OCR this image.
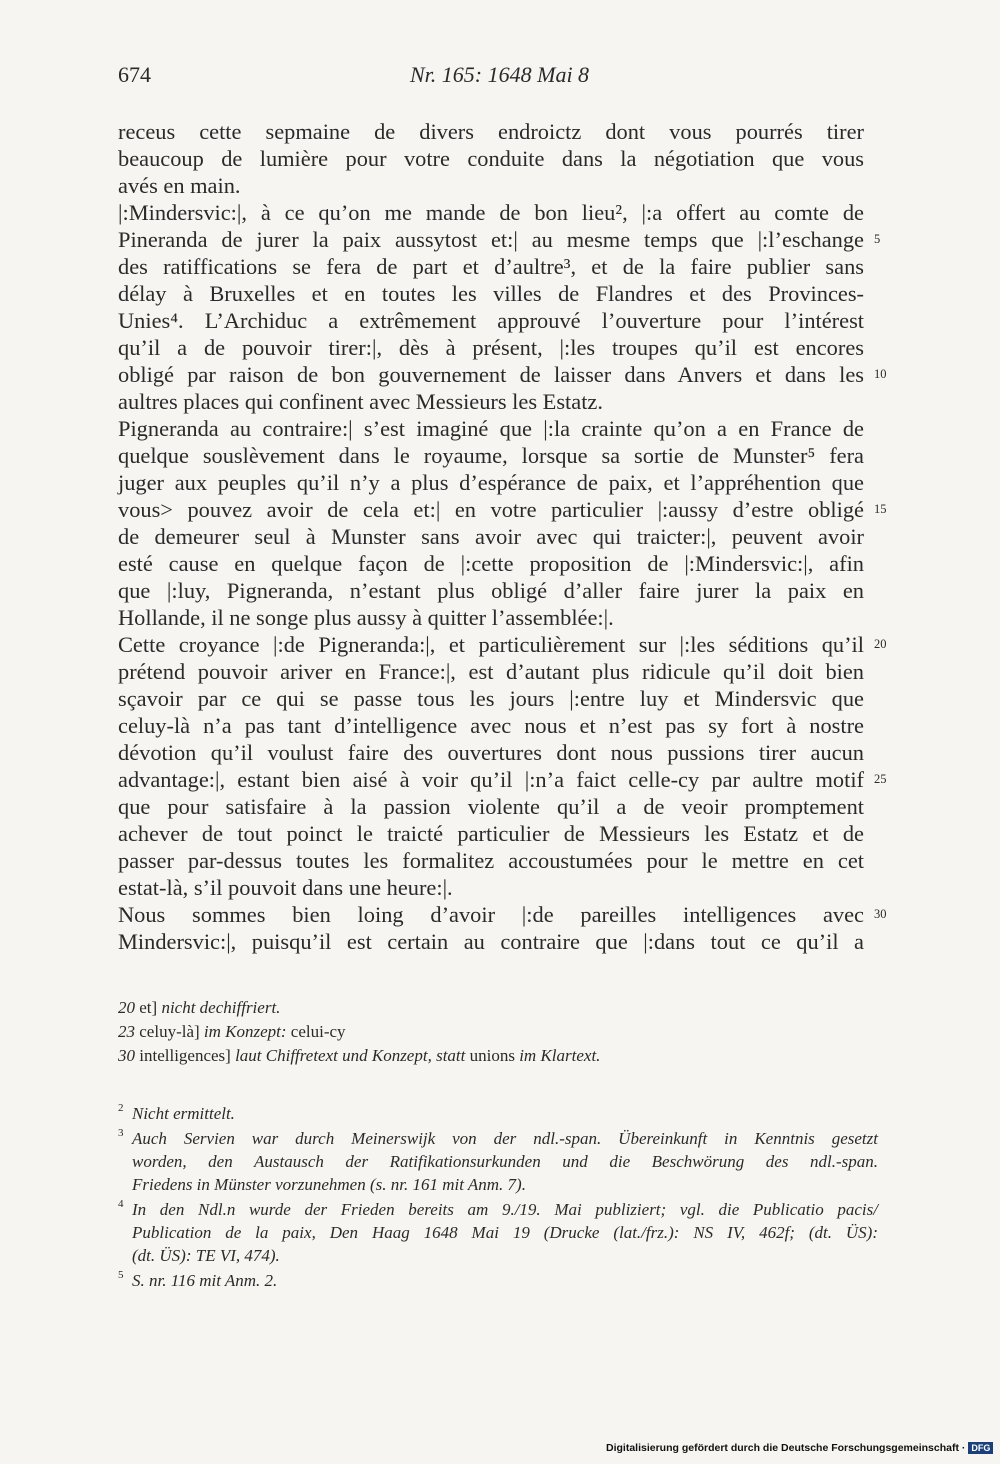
674	Nr. 165: 1648 Mai 8
receus cette sepmaine de divers endroictz dont vous pourrés tirer
beaucoup de lumière pour votre conduite dans la négotiation que vous
avés en main.
|:Mindersvic:|, à ce qu’on me mande de bon lieu², |:a offert au comte de
Pineranda de jurer la paix aussytost et:| au mesme temps que |:l’eschange 5
des ratiffications se fera de part et d’aultre³, et de la faire publier sans
délay à Bruxelles et en toutes les villes de Flandres et des Provinces-
Unies⁴. L’Archiduc a extrêmement approuvé l’ouverture pour l’intérest
qu’il a de pouvoir tirer:|, dès à présent, |:les troupes qu’il est encores
obligé par raison de bon gouvernement de laisser dans Anvers et dans les 10
aultres places qui confinent avec Messieurs les Estatz.
Pigneranda au contraire:| s’est imaginé que |:la crainte qu’on a en France de
quelque souslèvement dans le royaume, lorsque sa sortie de Munster⁵ fera
juger aux peuples qu’il n’y a plus d’espérance de paix, et l’appréhention que
vous> pouvez avoir de cela et:| en votre particulier |:aussy d’estre obligé 15
de demeurer seul à Munster sans avoir avec qui traicter:|, peuvent avoir
esté cause en quelque façon de |:cette proposition de |:Mindersvic:|, afin
que |:luy, Pigneranda, n’estant plus obligé d’aller faire jurer la paix en
Hollande, il ne songe plus aussy à quitter l’assemblée:|.
Cette croyance |:de Pigneranda:|, et particulièrement sur |:les séditions qu’il 20
prétend pouvoir ariver en France:|, est d’autant plus ridicule qu’il doit bien
sçavoir par ce qui se passe tous les jours |:entre luy et Mindersvic que
celuy-là n’a pas tant d’intelligence avec nous et n’est pas sy fort à nostre
dévotion qu’il voulust faire des ouvertures dont nous pussions tirer aucun
advantage:|, estant bien aisé à voir qu’il |:n’a faict celle-cy par aultre motif 25
que pour satisfaire à la passion violente qu’il a de veoir promptement
achever de tout poinct le traicté particulier de Messieurs les Estatz et de
passer par-dessus toutes les formalitez accoustumées pour le mettre en cet
estat-là, s’il pouvoit dans une heure:|.
Nous sommes bien loing d’avoir |:de pareilles intelligences avec 30
Mindersvic:|, puisqu’il est certain au contraire que |:dans tout ce qu’il a
20 et] nicht dechiffriert.
23 celuy-là] im Konzept: celui-cy
30 intelligences] laut Chiffretext und Konzept, statt unions im Klartext.
2 Nicht ermittelt.
3 Auch Servien war durch Meinerswijk von der ndl.-span. Übereinkunft in Kenntnis gesetzt
worden, den Austausch der Ratifikationsurkunden und die Beschwörung des ndl.-span.
Friedens in Münster vorzunehmen (s. nr. 161 mit Anm. 7).
4 In den Ndl.n wurde der Frieden bereits am 9./19. Mai publiziert; vgl. die Publicatio pacis/
Publication de la paix, Den Haag 1648 Mai 19 (Drucke (lat./frz.): NS IV, 462f; (dt. ÜS):
(dt. ÜS): TE VI, 474).
5 S. nr. 116 mit Anm. 2.
Digitalisierung gefördert durch die Deutsche Forschungsgemeinschaft · DFG
